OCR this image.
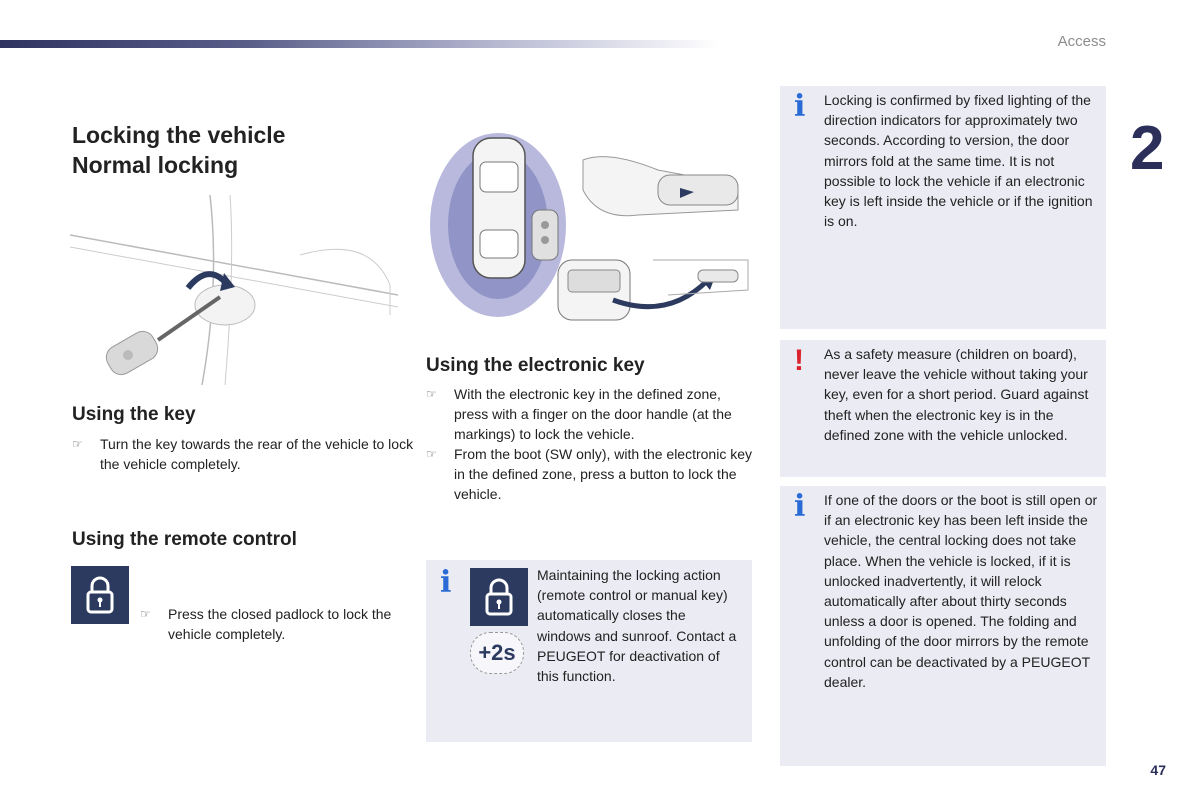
Access
2
47
Locking the vehicle
Normal locking
Using the key
☞ Turn the key towards the rear of the vehicle to lock the vehicle completely.
Using the remote control
☞ Press the closed padlock to lock the vehicle completely.
Using the electronic key
☞ With the electronic key in the defined zone, press with a finger on the door handle (at the markings) to lock the vehicle.
☞ From the boot (SW only), with the electronic key in the defined zone, press a button to lock the vehicle.
i
+2s
Maintaining the locking action (remote control or manual key) automatically closes the windows and sunroof. Contact a PEUGEOT for deactivation of this function.
i Locking is confirmed by fixed lighting of the direction indicators for approximately two seconds. According to version, the door mirrors fold at the same time. It is not possible to lock the vehicle if an electronic key is left inside the vehicle or if the ignition is on.
! As a safety measure (children on board), never leave the vehicle without taking your key, even for a short period. Guard against theft when the electronic key is in the defined zone with the vehicle unlocked.
i If one of the doors or the boot is still open or if an electronic key has been left inside the vehicle, the central locking does not take place. When the vehicle is locked, if it is unlocked inadvertently, it will relock automatically after about thirty seconds unless a door is opened. The folding and unfolding of the door mirrors by the remote control can be deactivated by a PEUGEOT dealer.
